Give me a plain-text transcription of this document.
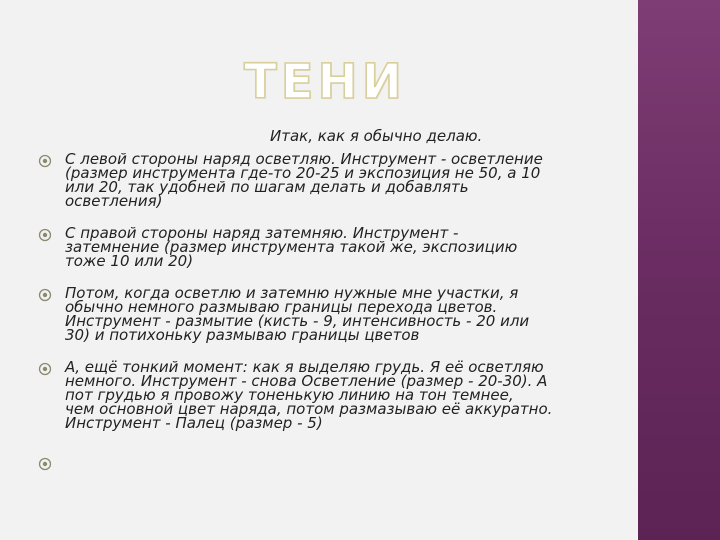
ТЕНИ

Итак, как я обычно делаю.

С левой стороны наряд осветляю. Инструмент - осветление
(размер инструмента где-то 20-25 и экспозиция не 50, а 10
или 20, так удобней по шагам делать и добавлять
осветления)

С правой стороны наряд затемняю. Инструмент -
затемнение (размер инструмента такой же, экспозицию
тоже 10 или 20)

Потом, когда осветлю и затемню нужные мне участки, я
обычно немного размываю границы перехода цветов.
Инструмент - размытие (кисть - 9, интенсивность - 20 или
30) и потихоньку размываю границы цветов

А, ещё тонкий момент: как я выделяю грудь. Я её осветляю
немного. Инструмент - снова Осветление (размер - 20-30). А
пот грудью я провожу тоненькую линию на тон темнее,
чем основной цвет наряда, потом размазываю её аккуратно.
Инструмент - Палец (размер - 5)
